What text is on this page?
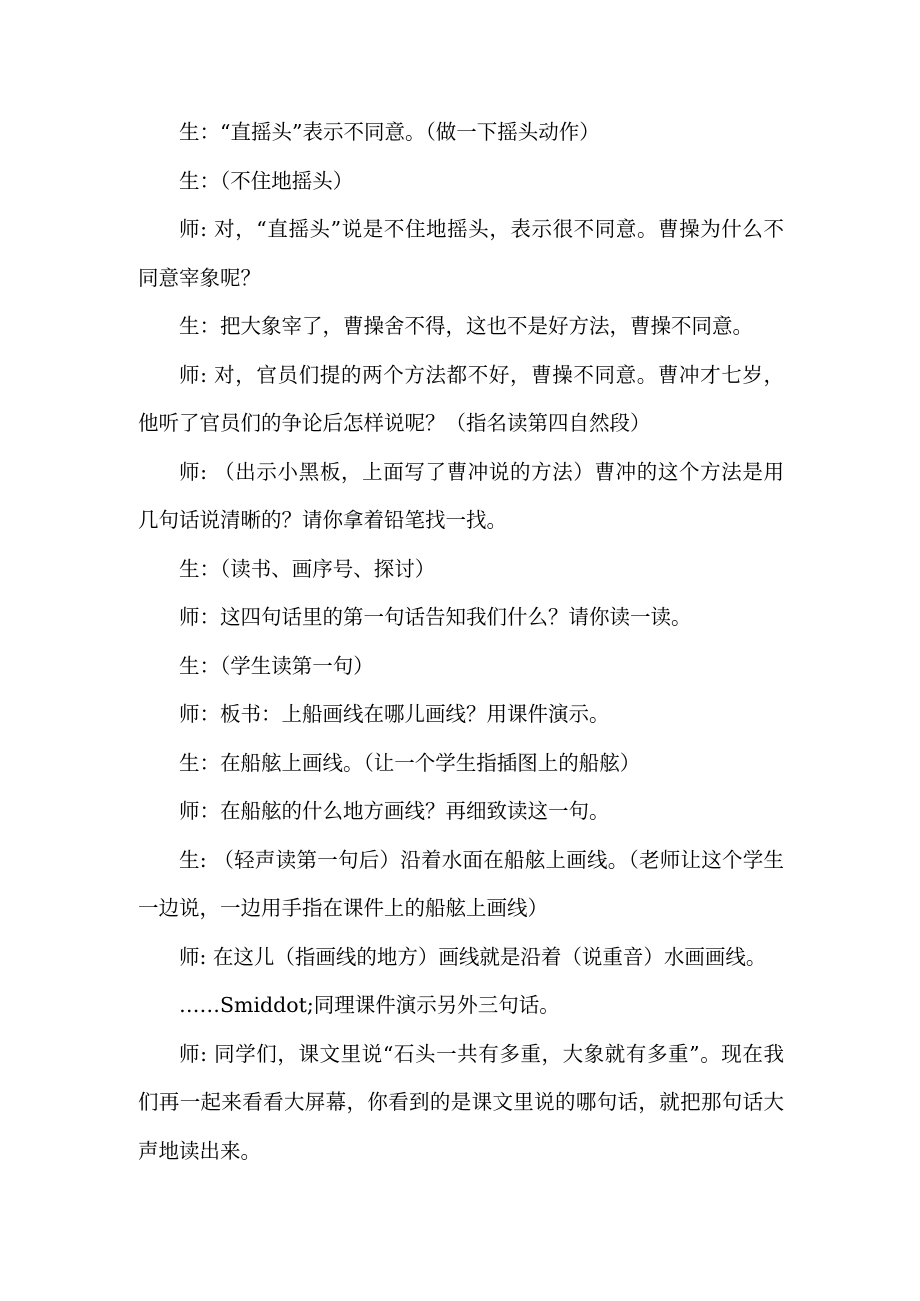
生：“直摇头”表示不同意。（做一下摇头动作）

生：（不住地摇头）

师: 对，“直摇头”说是不住地摇头，表示很不同意。曹操为什么不同意宰象呢？

生：把大象宰了，曹操舍不得，这也不是好方法，曹操不同意。

师: 对，官员们提的两个方法都不好，曹操不同意。曹冲才七岁，他听了官员们的争论后怎样说呢？（指名读第四自然段）

师: （出示小黑板，上面写了曹冲说的方法）曹冲的这个方法是用几句话说清晰的？请你拿着铅笔找一找。

生：（读书、画序号、探讨）

师：这四句话里的第一句话告知我们什么？请你读一读。

生：（学生读第一句）

师：板书：上船画线在哪儿画线？用课件演示。

生：在船舷上画线。（让一个学生指插图上的船舷）

师：在船舷的什么地方画线？再细致读这一句。

生: （轻声读第一句后）沿着水面在船舷上画线。（老师让这个学生一边说，一边用手指在课件上的船舷上画线）

师: 在这儿（指画线的地方）画线就是沿着（说重音）水画画线。

……Smiddot;同理课件演示另外三句话。

师: 同学们，课文里说“石头一共有多重，大象就有多重”。现在我们再一起来看看大屏幕，你看到的是课文里说的哪句话，就把那句话大声地读出来。
